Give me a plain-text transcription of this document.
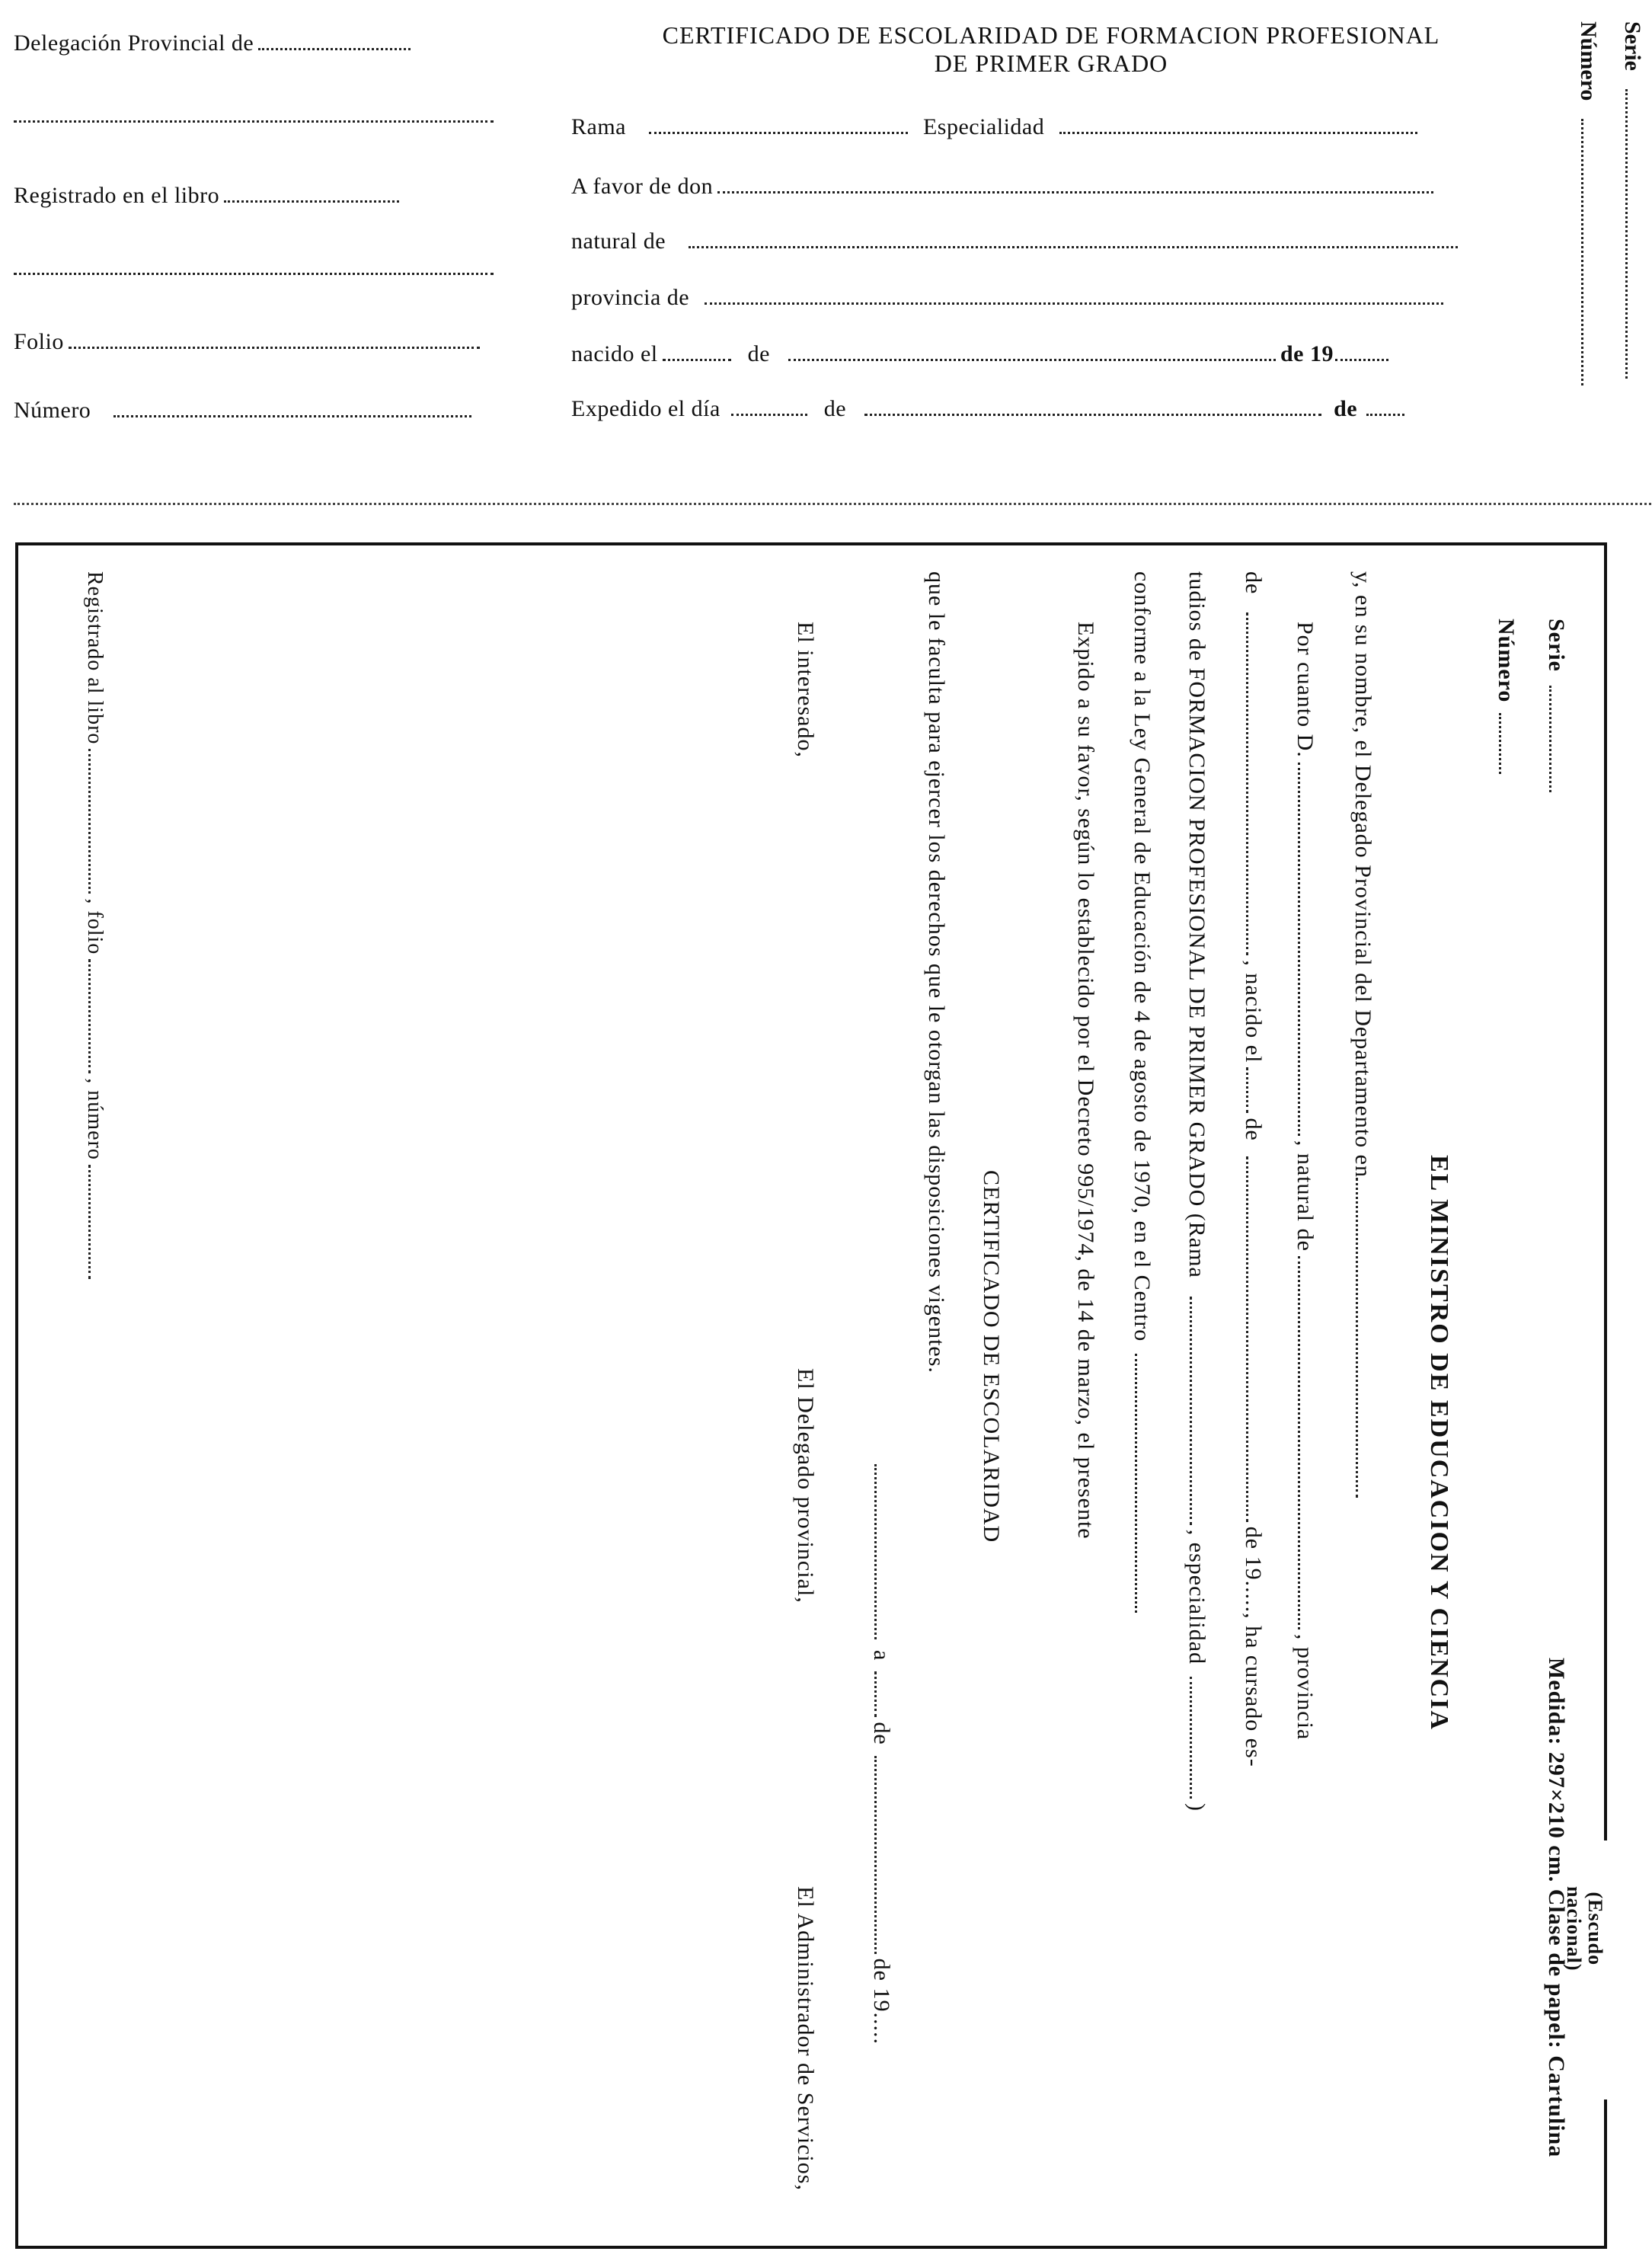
Delegación Provincial de
Registrado en el libro
Folio
Número
CERTIFICADO DE ESCOLARIDAD DE FORMACION PROFESIONAL
DE PRIMER GRADO
Rama	Especialidad
A favor de don
natural de
provincia de
nacido el	de	de 19
Expedido el día	de	de
Serie
Número
Serie
Número
Medida: 297×210 cm. Clase de papel: Cartulina (Escudo
nacional)
EL MINISTRO DE EDUCACION Y CIENCIA
y, en su nombre, el Delegado Provincial del Departamento en
Por cuanto D., natural de, provincia
de, nacido eldede 19....., ha cursado es-
tudios de FORMACION PROFESIONAL DE PRIMER GRADO (Rama, especialidad)
conforme a la Ley General de Educación de 4 de agosto de 1970, en el Centro
Expido a su favor, según lo establecido por el Decreto 995/1974, de 14 de marzo, el presente
CERTIFICADO DE ESCOLARIDAD
que le faculta para ejercer los derechos que le otorgan las disposiciones vigentes.
adede 19.....
El interesado,
El Delegado provincial,
El Administrador de Servicios,
Registrado al libro, folio, número
